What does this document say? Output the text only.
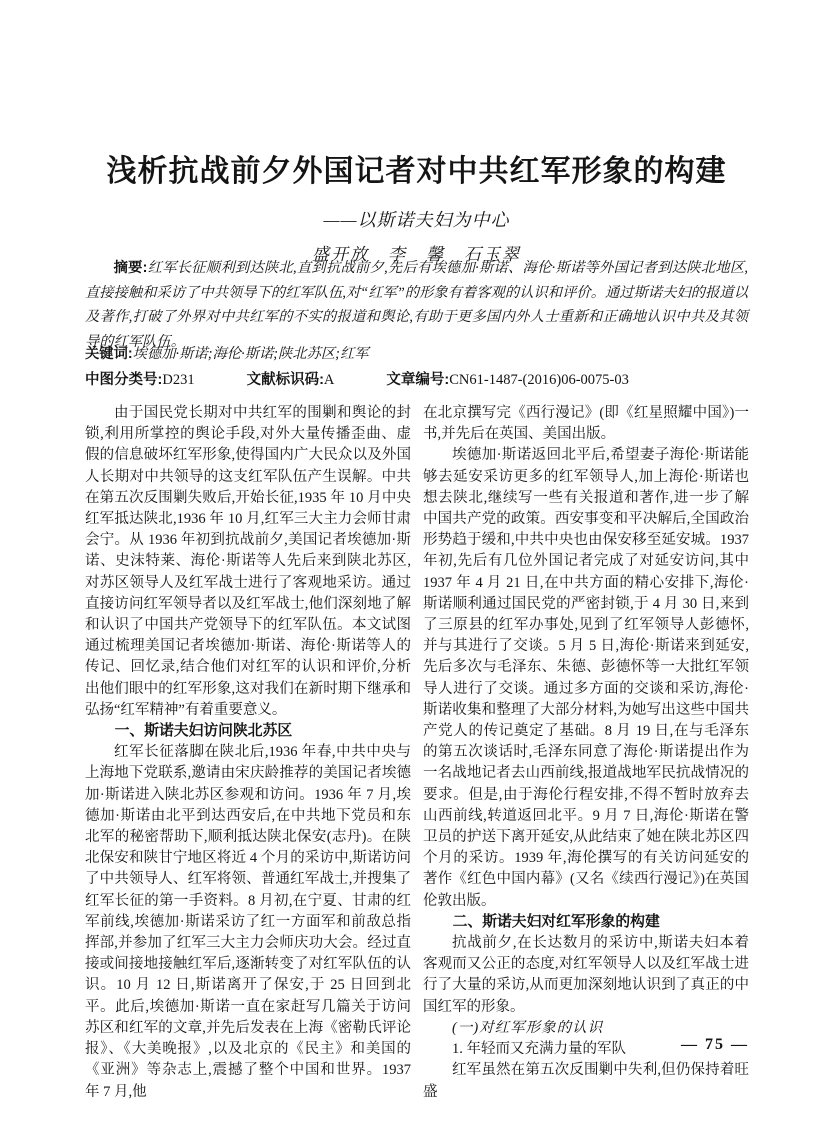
浅析抗战前夕外国记者对中共红军形象的构建
——以斯诺夫妇为中心
盛开放　李　馨　石玉翠
摘要:红军长征顺利到达陕北,直到抗战前夕,先后有埃德加·斯诺、海伦·斯诺等外国记者到达陕北地区,直接接触和采访了中共领导下的红军队伍,对“红军”的形象有着客观的认识和评价。通过斯诺夫妇的报道以及著作,打破了外界对中共红军的不实的报道和舆论,有助于更多国内外人士重新和正确地认识中共及其领导的红军队伍。
关键词:埃德加·斯诺;海伦·斯诺;陕北苏区;红军
中图分类号:D231	文献标识码:A	文章编号:CN61-1487-(2016)06-0075-03
由于国民党长期对中共红军的围剿和舆论的封锁,利用所掌控的舆论手段,对外大量传播歪曲、虚假的信息破坏红军形象,使得国内广大民众以及外国人长期对中共领导的这支红军队伍产生误解。中共在第五次反围剿失败后,开始长征,1935 年 10 月中央红军抵达陕北,1936 年 10 月,红军三大主力会师甘肃会宁。从 1936 年初到抗战前夕,美国记者埃德加·斯诺、史沫特莱、海伦·斯诺等人先后来到陕北苏区,对苏区领导人及红军战士进行了客观地采访。通过直接访问红军领导者以及红军战士,他们深刻地了解和认识了中国共产党领导下的红军队伍。本文试图通过梳理美国记者埃德加·斯诺、海伦·斯诺等人的传记、回忆录,结合他们对红军的认识和评价,分析出他们眼中的红军形象,这对我们在新时期下继承和弘扬“红军精神”有着重要意义。
一、斯诺夫妇访问陕北苏区
红军长征落脚在陕北后,1936 年春,中共中央与上海地下党联系,邀请由宋庆龄推荐的美国记者埃德加·斯诺进入陕北苏区参观和访问。1936 年 7 月,埃德加·斯诺由北平到达西安后,在中共地下党员和东北军的秘密帮助下,顺利抵达陕北保安(志丹)。在陕北保安和陕甘宁地区将近 4 个月的采访中,斯诺访问了中共领导人、红军将领、普通红军战士,并搜集了红军长征的第一手资料。8 月初,在宁夏、甘肃的红军前线,埃德加·斯诺采访了红一方面军和前敌总指挥部,并参加了红军三大主力会师庆功大会。经过直接或间接地接触红军后,逐渐转变了对红军队伍的认识。10 月 12 日,斯诺离开了保安,于 25 日回到北平。此后,埃德加·斯诺一直在家赶写几篇关于访问苏区和红军的文章,并先后发表在上海《密勒氏评论报》、《大美晚报》,以及北京的《民主》和美国的《亚洲》等杂志上,震撼了整个中国和世界。1937 年 7 月,他
在北京撰写完《西行漫记》(即《红星照耀中国》)一书,并先后在英国、美国出版。
埃德加·斯诺返回北平后,希望妻子海伦·斯诺能够去延安采访更多的红军领导人,加上海伦·斯诺也想去陕北,继续写一些有关报道和著作,进一步了解中国共产党的政策。西安事变和平决解后,全国政治形势趋于缓和,中共中央也由保安移至延安城。1937 年初,先后有几位外国记者完成了对延安访问,其中 1937 年 4 月 21 日,在中共方面的精心安排下,海伦·斯诺顺利通过国民党的严密封锁,于 4 月 30 日,来到了三原县的红军办事处,见到了红军领导人彭德怀,并与其进行了交谈。5 月 5 日,海伦·斯诺来到延安,先后多次与毛泽东、朱德、彭德怀等一大批红军领导人进行了交谈。通过多方面的交谈和采访,海伦·斯诺收集和整理了大部分材料,为她写出这些中国共产党人的传记奠定了基础。8 月 19 日,在与毛泽东的第五次谈话时,毛泽东同意了海伦·斯诺提出作为一名战地记者去山西前线,报道战地军民抗战情况的要求。但是,由于海伦行程安排,不得不暂时放弃去山西前线,转道返回北平。9 月 7 日,海伦·斯诺在警卫员的护送下离开延安,从此结束了她在陕北苏区四个月的采访。1939 年,海伦撰写的有关访问延安的著作《红色中国内幕》(又名《续西行漫记》)在英国伦敦出版。
二、斯诺夫妇对红军形象的构建
抗战前夕,在长达数月的采访中,斯诺夫妇本着客观而又公正的态度,对红军领导人以及红军战士进行了大量的采访,从而更加深刻地认识到了真正的中国红军的形象。
(一)对红军形象的认识
1. 年轻而又充满力量的军队
红军虽然在第五次反围剿中失利,但仍保持着旺盛
— 75 —
